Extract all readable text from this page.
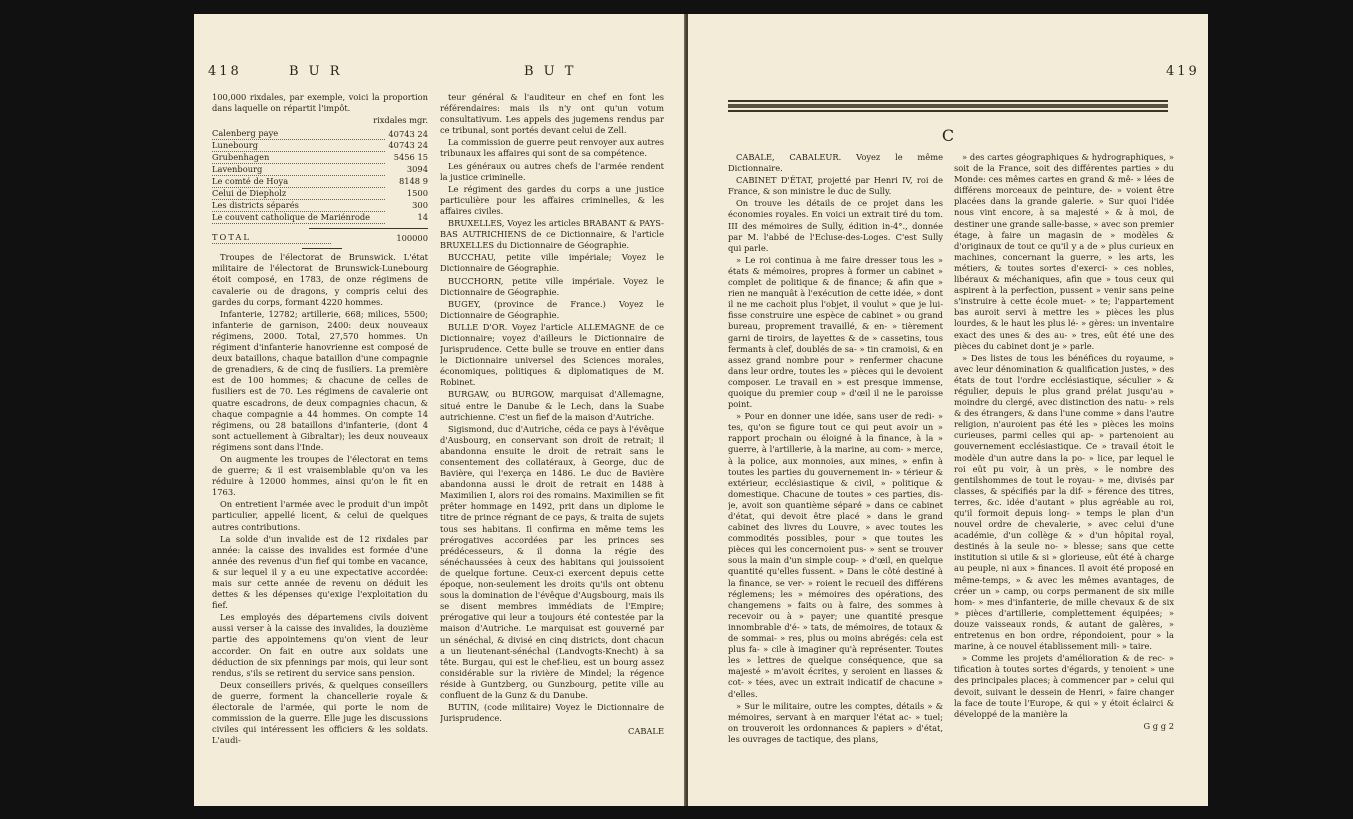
418	B U R	B U T

100,000 rixdales, par exemple, voici la proportion dans laquelle on répartit l'impôt.

rixdales mgr.
Calenberg paye	40743 24
Lunebourg	40743 24
Grubenhagen	5456 15
Lavenbourg	3094
Le comté de Hoya	8148 9
Celui de Diepholz	1500
Les districts séparés	300
Le couvent catholique de Mariénrode	14
TOTAL	100000

Troupes de l'électorat de Brunswick. L'état militaire de l'électorat de Brunswick-Lunebourg étoit composé, en 1783, de onze régimens de cavalerie ou de dragons, y compris celui des gardes du corps, formant 4220 hommes.

Infanterie, 12782; artillerie, 668; milices, 5500; infanterie de garnison, 2400: deux nouveaux régimens, 2000. Total, 27,570 hommes. Un régiment d'infanterie hanovrienne est composé de deux bataillons, chaque bataillon d'une compagnie de grenadiers, & de cinq de fusiliers. La première est de 100 hommes; & chacune de celles de fusiliers est de 70. Les régimens de cavalerie ont quatre escadrons, de deux compagnies chacun, & chaque compagnie a 44 hommes. On compte 14 régimens, ou 28 bataillons d'infanterie, (dont 4 sont actuellement à Gibraltar); les deux nouveaux régimens sont dans l'Inde.

On augmente les troupes de l'électorat en tems de guerre; & il est vraisemblable qu'on va les réduire à 12000 hommes, ainsi qu'on le fit en 1763.

On entretient l'armée avec le produit d'un impôt particulier, appellé licent, & celui de quelques autres contributions.

La solde d'un invalide est de 12 rixdales par année: la caisse des invalides est formée d'une année des revenus d'un fief qui tombe en vacance, & sur lequel il y a eu une expectative accordée: mais sur cette année de revenu on déduit les dettes & les dépenses qu'exige l'exploitation du fief.

Les employés des départemens civils doivent aussi verser à la caisse des invalides, la douzième partie des appointemens qu'on vient de leur accorder. On fait en outre aux soldats une déduction de six pfennings par mois, qui leur sont rendus, s'ils se retirent du service sans pension.

Deux conseillers privés, & quelques conseillers de guerre, forment la chancellerie royale & électorale de l'armée, qui porte le nom de commission de la guerre. Elle juge les discussions civiles qui intéressent les officiers & les soldats. L'audi-

teur général & l'auditeur en chef en font les référendaires: mais ils n'y ont qu'un votum consultativum. Les appels des jugemens rendus par ce tribunal, sont portés devant celui de Zell.

La commission de guerre peut renvoyer aux autres tribunaux les affaires qui sont de sa compétence.

Les généraux ou autres chefs de l'armée rendent la justice criminelle.

Le régiment des gardes du corps a une justice particulière pour les affaires criminelles, & les affaires civiles.

BRUXELLES, Voyez les articles BRABANT & PAYS-BAS AUTRICHIENS de ce Dictionnaire, & l'article BRUXELLES du Dictionnaire de Géographie.

BUCCHAU, petite ville impériale; Voyez le Dictionnaire de Géographie.

BUCCHORN, petite ville impériale. Voyez le Dictionnaire de Géographie.

BUGEY, (province de France.) Voyez le Dictionnaire de Géographie.

BULLE D'OR. Voyez l'article ALLEMAGNE de ce Dictionnaire; voyez d'ailleurs le Dictionnaire de Jurisprudence. Cette bulle se trouve en entier dans le Dictionnaire universel des Sciences morales, économiques, politiques & diplomatiques de M. Robinet.

BURGAW, ou BURGOW, marquisat d'Allemagne, situé entre le Danube & le Lech, dans la Suabe autrichienne. C'est un fief de la maison d'Autriche.

Sigismond, duc d'Autriche, céda ce pays à l'évêque d'Ausbourg, en conservant son droit de retrait; il abandonna ensuite le droit de retrait sans le consentement des collatéraux, à George, duc de Bavière, qui l'exerça en 1486. Le duc de Bavière abandonna aussi le droit de retrait en 1488 à Maximilien I, alors roi des romains. Maximilien se fit prêter hommage en 1492, prit dans un diplome le titre de prince régnant de ce pays, & traita de sujets tous ses habitans. Il confirma en même tems les prérogatives accordées par les princes ses prédécesseurs, & il donna la régie des sénéchaussées à ceux des habitans qui jouissoient de quelque fortune. Ceux-ci exercent depuis cette époque, non-seulement les droits qu'ils ont obtenu sous la domination de l'évêque d'Augsbourg, mais ils se disent membres immédiats de l'Empire; prérogative qui leur a toujours été contestée par la maison d'Autriche. Le marquisat est gouverné par un sénéchal, & divisé en cinq districts, dont chacun a un lieutenant-sénéchal (Landvogts-Knecht) à sa tête. Burgau, qui est le chef-lieu, est un bourg assez considérable sur la rivière de Mindel; la régence réside à Guntzberg, ou Gunzbourg, petite ville au confluent de la Gunz & du Danube.

BUTIN, (code militaire) Voyez le Dictionnaire de Jurisprudence.

CABALE
419
C

CABALE, CABALEUR. Voyez le même Dictionnaire.

CABINET D'ÉTAT, projetté par Henri IV, roi de France, & son ministre le duc de Sully.

On trouve les détails de ce projet dans les économies royales. En voici un extrait tiré du tom. III des mémoires de Sully, édition in-4°., donnée par M. l'abbé de l'Ecluse-des-Loges. C'est Sully qui parle.

» Le roi continua à me faire dresser tous les » états & mémoires, propres à former un cabinet » complet de politique & de finance; & afin que » rien ne manquât à l'exécution de cette idée, » dont il ne me cachoit plus l'objet, il voulut » que je lui-fisse construire une espèce de cabinet » ou grand bureau, proprement travaillé, & en- » tièrement garni de tiroirs, de layettes & de » cassetins, tous fermants à clef, doublés de sa- » tin cramoisi, & en assez grand nombre pour » renfermer chacune dans leur ordre, toutes les » pièces qui le devoient composer. Le travail en » est presque immense, quoique du premier coup » d'œil il ne le paroisse point.

» Pour en donner une idée, sans user de redi- » tes, qu'on se figure tout ce qui peut avoir un » rapport prochain ou éloigné à la finance, à la » guerre, à l'artillerie, à la marine, au com- » merce, à la police, aux monnoies, aux mines, » enfin à toutes les parties du gouvernement in- » térieur & extérieur, ecclésiastique & civil, » politique & domestique. Chacune de toutes » ces parties, dis-je, avoit son quantième séparé » dans ce cabinet d'état, qui devoit être placé » dans le grand cabinet des livres du Louvre, » avec toutes les commodités possibles, pour » que toutes les pièces qui les concernoient pus- » sent se trouver sous la main d'un simple coup- » d'œil, en quelque quantité qu'elles fussent. » Dans le côté destiné à la finance, se ver- » roient le recueil des différens réglemens; les » mémoires des opérations, des changemens » faits ou à faire, des sommes à recevoir ou à » payer; une quantité presque innombrable d'é- » tats, de mémoires, de totaux & de sommai- » res, plus ou moins abrégés: cela est plus fa- » cile à imaginer qu'à représenter. Toutes les » lettres de quelque conséquence, que sa majesté » m'avoit écrites, y seroient en liasses & cot- » tées, avec un extrait indicatif de chacune » d'elles.

» Sur le militaire, outre les comptes, détails » & mémoires, servant à en marquer l'état ac- » tuel; on trouveroit les ordonnances & papiers » d'état, les ouvrages de tactique, des plans,

» des cartes géographiques & hydrographiques, » soit de la France, soit des différentes parties » du Monde: ces mêmes cartes en grand & mê- » lées de différens morceaux de peinture, de- » voient être placées dans la grande galerie. » Sur quoi l'idée nous vint encore, à sa majesté » & à moi, de destiner une grande salle-basse, » avec son premier étage, à faire un magasin de » modèles & d'originaux de tout ce qu'il y a de » plus curieux en machines, concernant la guerre, » les arts, les métiers, & toutes sortes d'exerci- » ces nobles, libéraux & méchaniques, afin que » tous ceux qui aspirent à la perfection, pussent » venir sans peine s'instruire à cette école muet- » te; l'appartement bas auroit servi à mettre les » pièces les plus lourdes, & le haut les plus lé- » gères: un inventaire exact des unes & des au- » tres, eût été une des pièces du cabinet dont je » parle.

» Des listes de tous les bénéfices du royaume, » avec leur dénomination & qualification justes, » des états de tout l'ordre ecclésiastique, séculier » & régulier, depuis le plus grand prélat jusqu'au » moindre du clergé, avec distinction des natu- » rels & des étrangers, & dans l'une comme » dans l'autre religion, n'auroient pas été les » pièces les moins curieuses, parmi celles qui ap- » partenoient au gouvernement ecclésiastique. Ce » travail étoit le modèle d'un autre dans la po- » lice, par lequel le roi eût pu voir, à un près, » le nombre des gentilshommes de tout le royau- » me, divisés par classes, & spécifiés par la dif- » férence des titres, terres, &c. idée d'autant » plus agréable au roi, qu'il formoit depuis long- » temps le plan d'un nouvel ordre de chevalerie, » avec celui d'une académie, d'un collège & » d'un hôpital royal, destinés à la seule no- » blesse; sans que cette institution si utile & si » glorieuse, eût été à charge au peuple, ni aux » finances. Il avoit été proposé en même-temps, » & avec les mêmes avantages, de créer un » camp, ou corps permanent de six mille hom- » mes d'infanterie, de mille chevaux & de six » pièces d'artillerie, complettement équipées; » douze vaisseaux ronds, & autant de galères, » entretenus en bon ordre, répondoient, pour » la marine, à ce nouvel établissement mili- » taire.

» Comme les projets d'amélioration & de rec- » tification à toutes sortes d'égards, y tenoient » une des principales places; à commencer par » celui qui devoit, suivant le dessein de Henri, » faire changer la face de toute l'Europe, & qui » y étoit éclairci & développé de la manière la

G g g 2
